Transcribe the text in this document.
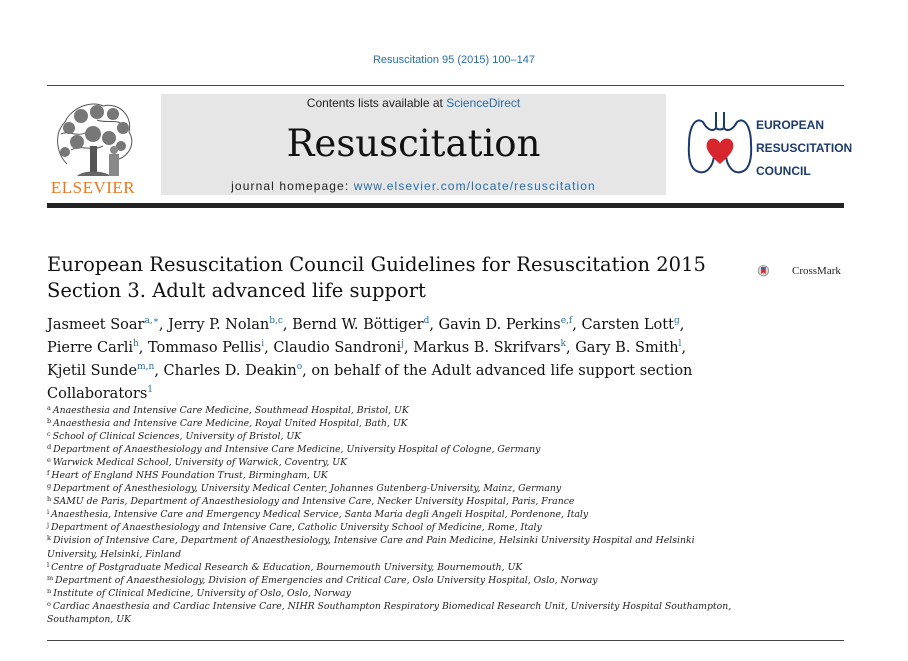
Resuscitation 95 (2015) 100–147
ELSEVIER
Contents lists available at ScienceDirect
Resuscitation
journal homepage: www.elsevier.com/locate/resuscitation
EUROPEAN
RESUSCITATION
COUNCIL
European Resuscitation Council Guidelines for Resuscitation 2015
Section 3. Adult advanced life support
CrossMark
Jasmeet Soar$^{a,∗}$, Jerry P. Nolan$^{b,c}$, Bernd W. Böttiger$^d$, Gavin D. Perkins$^{e,f}$, Carsten Lott$^g$,
Pierre Carli$^h$, Tommaso Pellis$^i$, Claudio Sandroni$^j$, Markus B. Skrifvars$^k$, Gary B. Smith$^l$,
Kjetil Sunde$^{m,n}$, Charles D. Deakin$^o$, on behalf of the Adult advanced life support section
Collaborators$^1$
$^a$ Anaesthesia and Intensive Care Medicine, Southmead Hospital, Bristol, UK
$^b$ Anaesthesia and Intensive Care Medicine, Royal United Hospital, Bath, UK
$^c$ School of Clinical Sciences, University of Bristol, UK
$^d$ Department of Anaesthesiology and Intensive Care Medicine, University Hospital of Cologne, Germany
$^e$ Warwick Medical School, University of Warwick, Coventry, UK
$^f$ Heart of England NHS Foundation Trust, Birmingham, UK
$^g$ Department of Anesthesiology, University Medical Center, Johannes Gutenberg-University, Mainz, Germany
$^h$ SAMU de Paris, Department of Anaesthesiology and Intensive Care, Necker University Hospital, Paris, France
$^i$ Anaesthesia, Intensive Care and Emergency Medical Service, Santa Maria degli Angeli Hospital, Pordenone, Italy
$^j$ Department of Anaesthesiology and Intensive Care, Catholic University School of Medicine, Rome, Italy
$^k$ Division of Intensive Care, Department of Anaesthesiology, Intensive Care and Pain Medicine, Helsinki University Hospital and Helsinki University, Helsinki, Finland
$^l$ Centre of Postgraduate Medical Research & Education, Bournemouth University, Bournemouth, UK
$^m$ Department of Anaesthesiology, Division of Emergencies and Critical Care, Oslo University Hospital, Oslo, Norway
$^n$ Institute of Clinical Medicine, University of Oslo, Oslo, Norway
$^o$ Cardiac Anaesthesia and Cardiac Intensive Care, NIHR Southampton Respiratory Biomedical Research Unit, University Hospital Southampton, Southampton, UK
